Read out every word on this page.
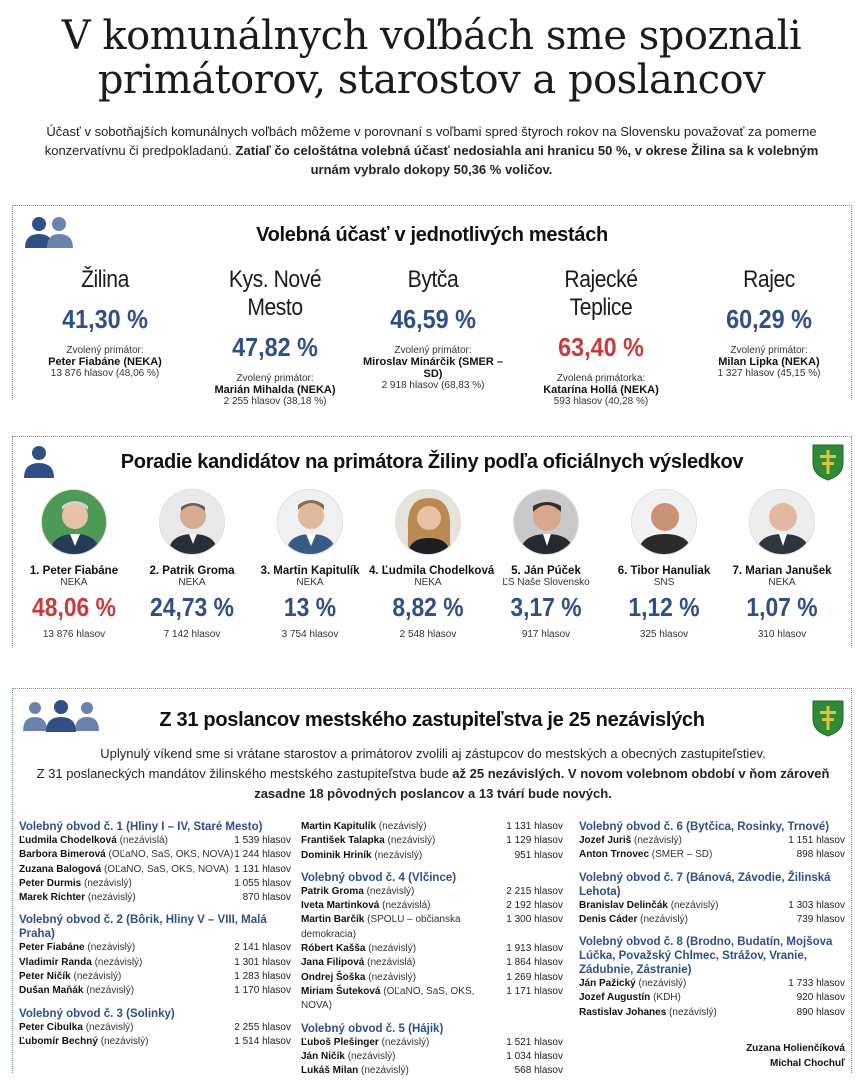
V komunálnych voľbách sme spoznali
primátorov, starostov a poslancov
Účasť v sobotňajších komunálnych voľbách môžeme v porovnaní s voľbami spred štyroch rokov na Slovensku považovať za pomerne konzervatívnu či predpokladanú. Zatiaľ čo celoštátna volebná účasť nedosiahla ani hranicu 50 %, v okrese Žilina sa k volebným urnám vybralo dokopy 50,36 % voličov.
Volebná účasť v jednotlivých mestách
Žilina
41,30 %
Zvolený primátor:
Peter Fiabáne (NEKA)
13 876 hlasov (48,06 %)
Kys. Nové Mesto
47,82 %
Zvolený primátor:
Marián Mihalda (NEKA)
2 255 hlasov (38,18 %)
Bytča
46,59 %
Zvolený primátor:
Miroslav Minárčik (SMER – SD)
2 918 hlasov (68,83 %)
Rajecké Teplice
63,40 %
Zvolená primátorka:
Katarína Hollá (NEKA)
593 hlasov (40,28 %)
Rajec
60,29 %
Zvolený primátor:
Milan Lipka (NEKA)
1 327 hlasov (45,15 %)
Poradie kandidátov na primátora Žiliny podľa oficiálnych výsledkov
1. Peter Fiabáne
NEKA
48,06 %
13 876 hlasov
2. Patrik Groma
NEKA
24,73 %
7 142 hlasov
3. Martin Kapitulík
NEKA
13 %
3 754 hlasov
4. Ľudmila Chodelková
NEKA
8,82 %
2 548 hlasov
5. Ján Púček
ĽS Naše Slovensko
3,17 %
917 hlasov
6. Tibor Hanuliak
SNS
1,12 %
325 hlasov
7. Marian Janušek
NEKA
1,07 %
310 hlasov
Z 31 poslancov mestského zastupiteľstva je 25 nezávislých
Uplynulý víkend sme si vrátane starostov a primátorov zvolili aj zástupcov do mestských a obecných zastupiteľstiev.
Z 31 poslaneckých mandátov žilinského mestského zastupiteľstva bude až 25 nezávislých. V novom volebnom období v ňom zároveň zasadne 18 pôvodných poslancov a 13 tvárí bude nových.
Volebný obvod č. 1 (Hliny I – IV, Staré Mesto)
Ľudmila Chodelková (nezávislá)	1 539 hlasov
Barbora Bimerová (OĽaNO, SaS, OKS, NOVA) 1 244 hlasov
Zuzana Balogová (OĽaNO, SaS, OKS, NOVA) 1 131 hlasov
Peter Durmis (nezávislý)	1 055 hlasov
Marek Richter (nezávislý)	870 hlasov
Volebný obvod č. 2 (Bôrik, Hliny V – VIII, Malá Praha)
Peter Fiabáne (nezávislý)	2 141 hlasov
Vladimír Randa (nezávislý)	1 301 hlasov
Peter Ničík (nezávislý)	1 283 hlasov
Dušan Maňák (nezávislý)	1 170 hlasov
Volebný obvod č. 3 (Solinky)
Peter Cibulka (nezávislý)	2 255 hlasov
Ľubomír Bechný (nezávislý)	1 514 hlasov
Martin Kapitulík (nezávislý)	1 131 hlasov
František Talapka (nezávislý)	1 129 hlasov
Dominik Hriník (nezávislý)	951 hlasov
Volebný obvod č. 4 (Vlčince)
Patrik Groma (nezávislý)	2 215 hlasov
Iveta Martinková (nezávislá)	2 192 hlasov
Martin Barčík (SPOLU – občianska demokracia)
1 300 hlasov
Róbert Kašša (nezávislý)	1 913 hlasov
Jana Filipová (nezávislá)	1 864 hlasov
Ondrej Šoška (nezávislý)	1 269 hlasov
Miriam Šuteková (OĽaNO, SaS, OKS, NOVA)
1 171 hlasov
Volebný obvod č. 5 (Hájik)
Ľuboš Plešinger (nezávislý)	1 521 hlasov
Ján Ničík (nezávislý)	1 034 hlasov
Lukáš Milan (nezávislý)	568 hlasov
Volebný obvod č. 6 (Bytčica, Rosinky, Trnové)
Jozef Juriš (nezávislý)	1 151 hlasov
Anton Trnovec (SMER – SD)	898 hlasov
Volebný obvod č. 7 (Bánová, Závodie, Žilinská Lehota)
Branislav Delinčák (nezávislý)	1 303 hlasov
Denis Cáder (nezávislý)	739 hlasov
Volebný obvod č. 8 (Brodno, Budatín, Mojšova Lúčka, Považský Chlmec, Strážov, Vranie, Zádubnie, Zástranie)
Ján Pažický (nezávislý)	1 733 hlasov
Jozef Augustín (KDH)	920 hlasov
Rastislav Johanes (nezávislý)	890 hlasov
Zuzana Holienčíková
Michal Chochuľ
